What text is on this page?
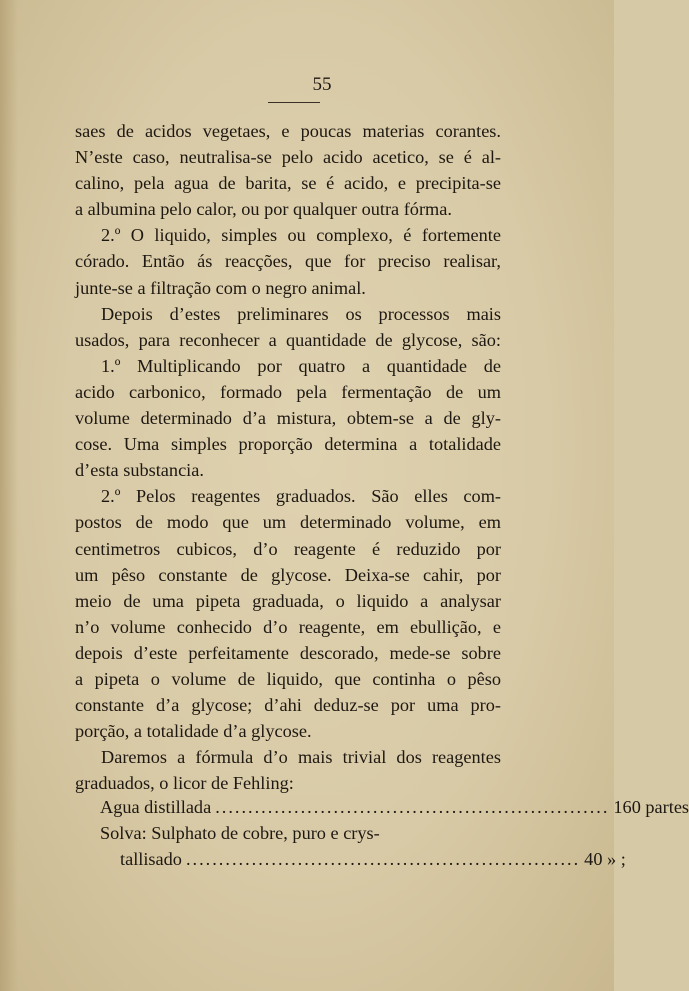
55
saes de acidos vegetaes, e poucas materias corantes.
N’este caso, neutralisa-se pelo acido acetico, se é al-
calino, pela agua de barita, se é acido, e precipita-se
a albumina pelo calor, ou por qualquer outra fórma.
2.º O liquido, simples ou complexo, é fortemente
córado. Então ás reacções, que for preciso realisar,
junte-se a filtração com o negro animal.
Depois d’estes preliminares os processos mais
usados, para reconhecer a quantidade de glycose, são:
1.º Multiplicando por quatro a quantidade de
acido carbonico, formado pela fermentação de um
volume determinado d’a mistura, obtem-se a de gly-
cose. Uma simples proporção determina a totalidade
d’esta substancia.
2.º Pelos reagentes graduados. São elles com-
postos de modo que um determinado volume, em
centimetros cubicos, d’o reagente é reduzido por
um pêso constante de glycose. Deixa-se cahir, por
meio de uma pipeta graduada, o liquido a analysar
n’o volume conhecido d’o reagente, em ebullição, e
depois d’este perfeitamente descorado, mede-se sobre
a pipeta o volume de liquido, que continha o pêso
constante d’a glycose; d’ahi deduz-se por uma pro-
porção, a totalidade d’a glycose.
Daremos a fórmula d’o mais trivial dos reagentes
graduados, o licor de Fehling:
Agua distillada ............................................................ 160 partes
Solva: Sulphato de cobre, puro e crys-
tallisado ............................................................ 40 » ;
